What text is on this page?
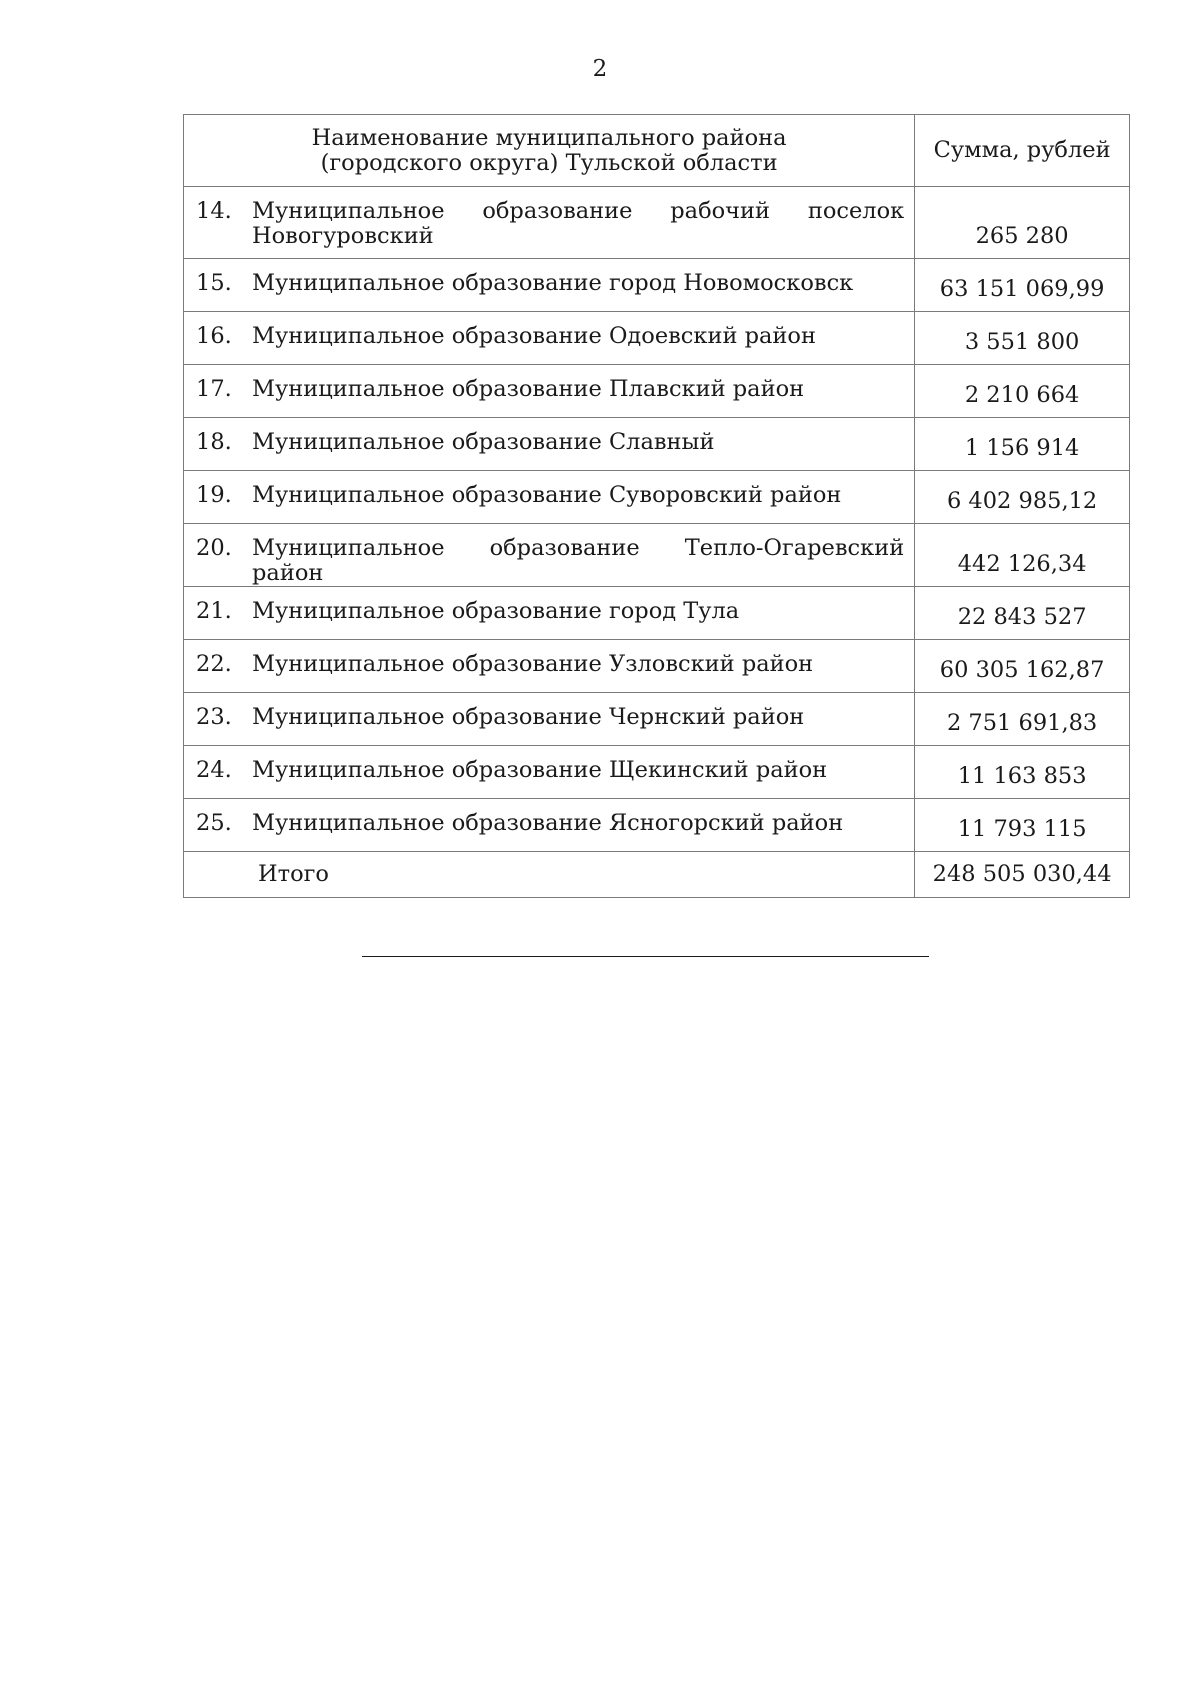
2
Наименование муниципального района
(городского округа) Тульской области	Сумма, рублей

14. Муниципальное образование рабочий поселок Новогуровский	265 280

15. Муниципальное образование город Новомосковск	63 151 069,99

16. Муниципальное образование Одоевский район	3 551 800

17. Муниципальное образование Плавский район	2 210 664

18. Муниципальное образование Славный	1 156 914

19. Муниципальное образование Суворовский район	6 402 985,12

20. Муниципальное образование Тепло-Огаревский район	442 126,34

21. Муниципальное образование город Тула	22 843 527

22. Муниципальное образование Узловский район	60 305 162,87

23. Муниципальное образование Чернский район	2 751 691,83

24. Муниципальное образование Щекинский район	11 163 853

25. Муниципальное образование Ясногорский район	11 793 115
Итого	248 505 030,44
